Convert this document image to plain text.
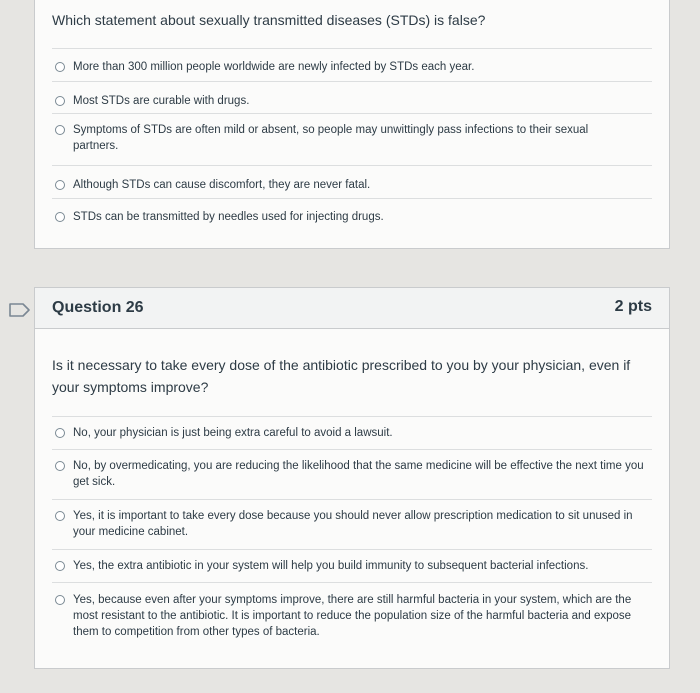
Which statement about sexually transmitted diseases (STDs) is false?
More than 300 million people worldwide are newly infected by STDs each year.
Most STDs are curable with drugs.
Symptoms of STDs are often mild or absent, so people may unwittingly pass infections to their sexual partners.
Although STDs can cause discomfort, they are never fatal.
STDs can be transmitted by needles used for injecting drugs.
Question 26	2 pts
Is it necessary to take every dose of the antibiotic prescribed to you by your physician, even if your symptoms improve?
No, your physician is just being extra careful to avoid a lawsuit.
No, by overmedicating, you are reducing the likelihood that the same medicine will be effective the next time you get sick.
Yes, it is important to take every dose because you should never allow prescription medication to sit unused in your medicine cabinet.
Yes, the extra antibiotic in your system will help you build immunity to subsequent bacterial infections.
Yes, because even after your symptoms improve, there are still harmful bacteria in your system, which are the most resistant to the antibiotic. It is important to reduce the population size of the harmful bacteria and expose them to competition from other types of bacteria.
